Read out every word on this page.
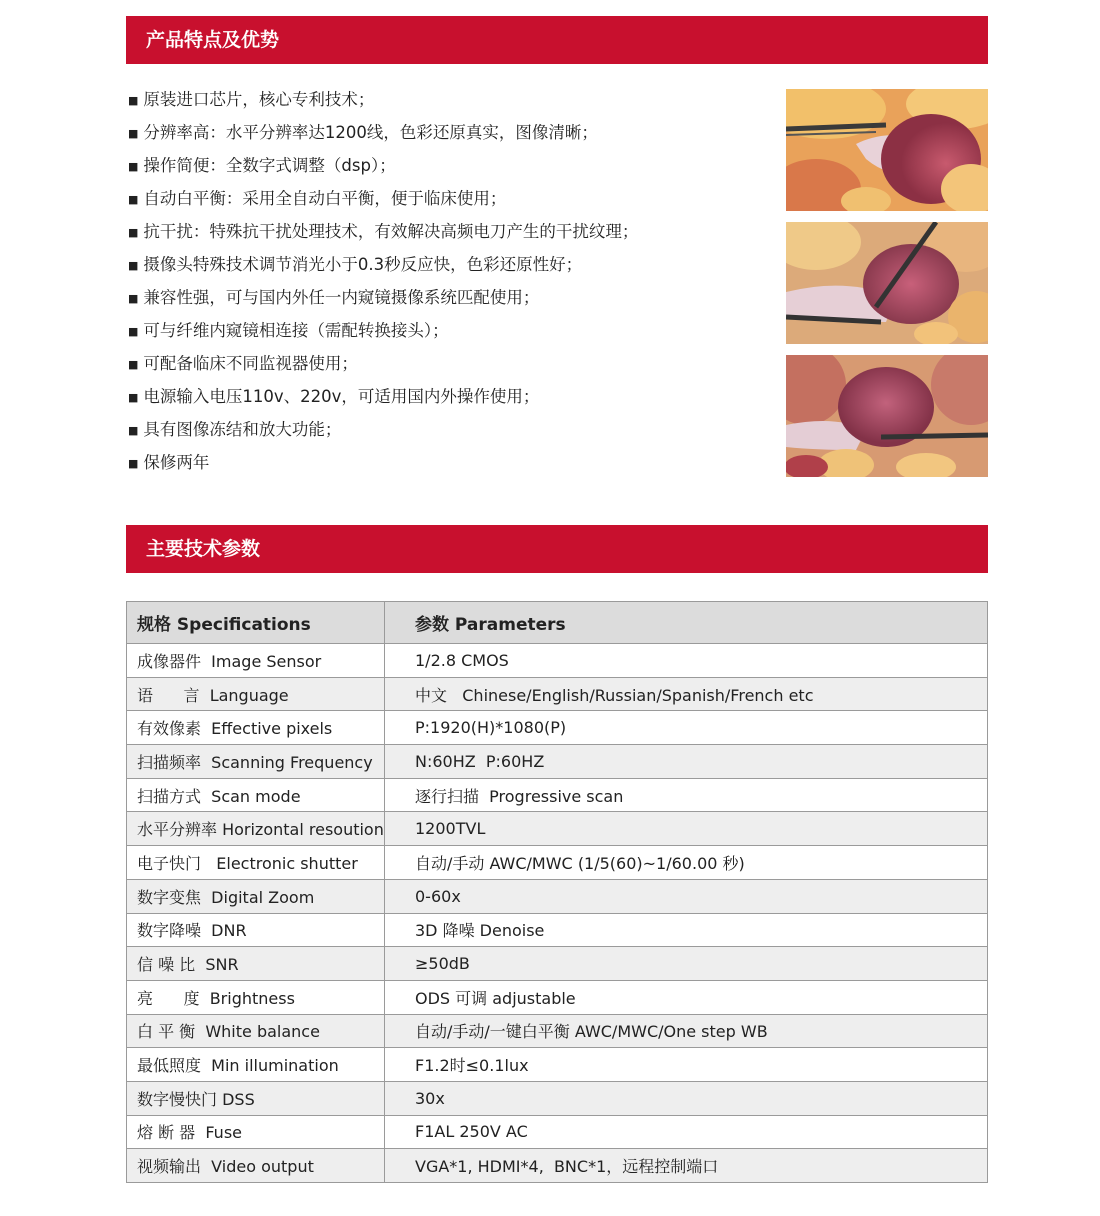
产品特点及优势
■ 原装进口芯片，核心专利技术；
■ 分辨率高：水平分辨率达1200线，色彩还原真实，图像清晰；
■ 操作简便：全数字式调整（dsp）；
■ 自动白平衡：采用全自动白平衡，便于临床使用；
■ 抗干扰：特殊抗干扰处理技术，有效解决高频电刀产生的干扰纹理；
■ 摄像头特殊技术调节消光小于0.3秒反应快，色彩还原性好；
■ 兼容性强，可与国内外任一内窥镜摄像系统匹配使用；
■ 可与纤维内窥镜相连接（需配转换接头）；
■ 可配备临床不同监视器使用；
■ 电源输入电压110v、220v，可适用国内外操作使用；
■ 具有图像冻结和放大功能；
■ 保修两年
主要技术参数
规格 Specifications	参数 Parameters
成像器件  Image Sensor	1/2.8 CMOS
语      言  Language	中文   Chinese/English/Russian/Spanish/French etc
有效像素  Effective pixels	P:1920(H)*1080(P)
扫描频率  Scanning Frequency	N:60HZ  P:60HZ
扫描方式  Scan mode	逐行扫描  Progressive scan
水平分辨率 Horizontal resoution	1200TVL
电子快门   Electronic shutter	自动/手动 AWC/MWC (1/5(60)~1/60.00 秒)
数字变焦  Digital Zoom	0-60x
数字降噪  DNR	3D 降噪 Denoise
信 噪 比  SNR	≥50dB
亮      度  Brightness	ODS 可调 adjustable
白 平 衡  White balance	自动/手动/一键白平衡 AWC/MWC/One step WB
最低照度  Min illumination	F1.2时≤0.1lux
数字慢快门 DSS	30x
熔 断 器  Fuse	F1AL 250V AC
视频输出  Video output	VGA*1, HDMI*4,  BNC*1，远程控制端口
